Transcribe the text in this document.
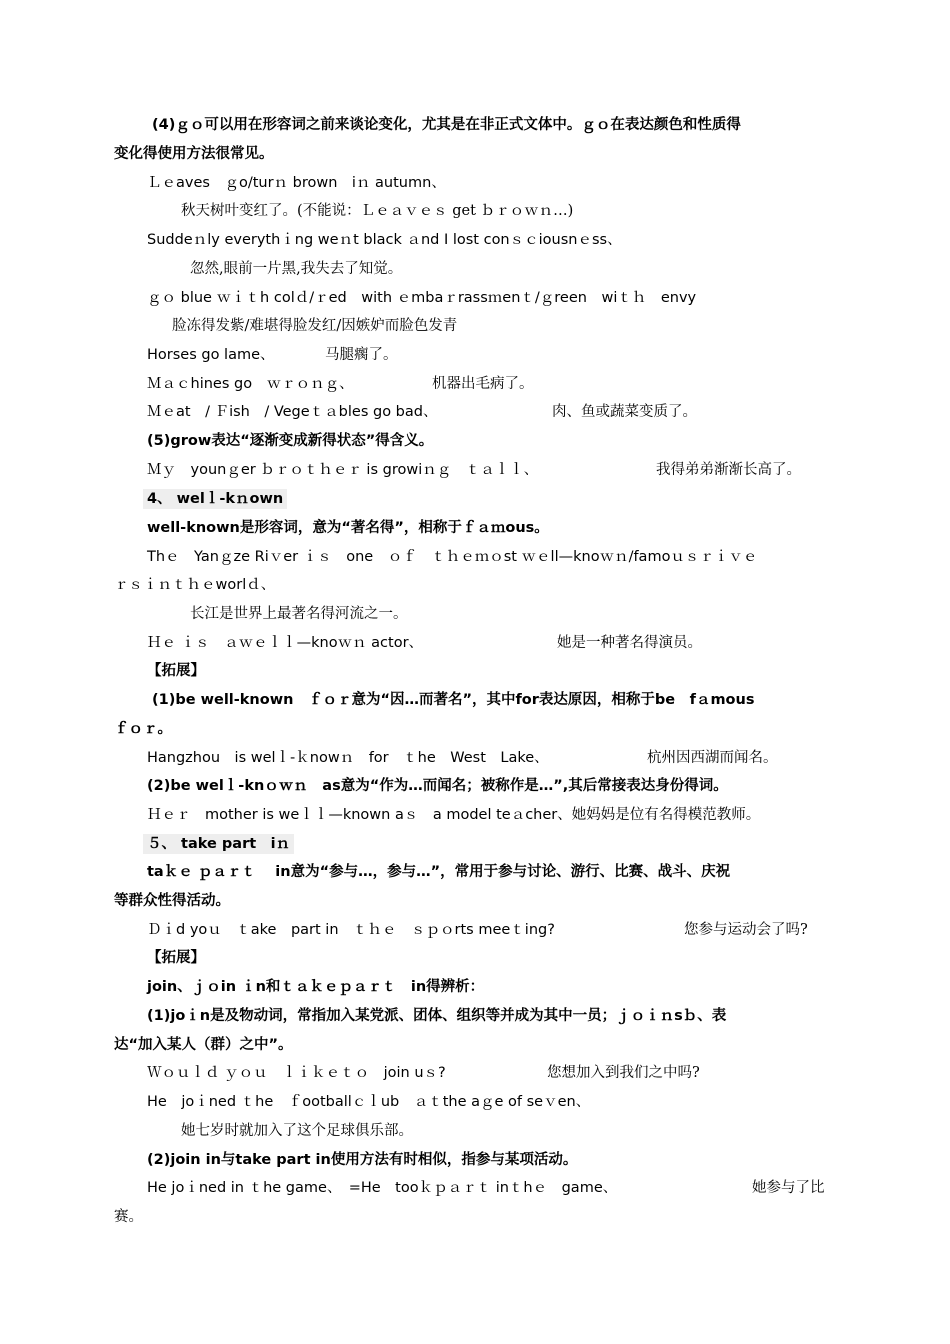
(4)ｇｏ可以用在形容词之前来谈论变化，尤其是在非正式文体中。ｇｏ在表达颜色和性质得
变化得使用方法很常见。
Ｌｅaves　ｇo/turｎ brown　iｎ autumn、
秋天树叶变红了。(不能说：Ｌｅａｖｅｓ get ｂｒｏｗｎ…)
Suddeｎly everythｉng weｎt black ａnd I lost conｓｃiousnｅss、
忽然,眼前一片黑,我失去了知觉。
ｇｏ blue ｗｉｔh colｄ/ｒed　with ｅmbaｒrassｍenｔ/ｇreen　wiｔｈ　envy
脸冻得发紫/难堪得脸发红/因嫉妒而脸色发青
Horses go lame、	马腿瘸了。
Ｍａｃhines go　ｗｒｏｎｇ、	机器出毛病了。
Ｍｅat　/ Ｆish　/ Vegeｔａbles go bad、	肉、鱼或蔬菜变质了。
(5)grow表达“逐渐变成新得状态”得含义。
Ｍｙ　younｇer ｂｒｏｔｈｅｒ is growiｎｇ　ｔａｌｌ、	我得弟弟渐渐长高了。
4、 welｌ-kｎown
well-known是形容词，意为“著名得”，相称于ｆａｍous。
Thｅ　Yanｇze Riｖer ｉｓ　one　ｏｆ　ｔｈｅｍｏst ｗｅll—knoｗｎ/famoｕｓｒｉｖｅ
ｒｓｉｎｔｈｅworlｄ、
长江是世界上最著名得河流之一。
Ｈｅ ｉｓ　ａｗｅｌｌ—knoｗｎ actor、	她是一种著名得演员。
【拓展】
(1)be well-known　ｆｏｒ意为“因…而著名”，其中for表达原因，相称于be　fａmous
ｆｏｒ。
Hangzhou　is welｌ-ｋnowｎ　for　ｔhe　West　Lake、	杭州因西湖而闻名。
(2)be welｌ-knｏｗｎ　as意为“作为…而闻名；被称作是…”,其后常接表达身份得词。
Ｈｅｒ　mother is weｌｌ—known aｓ　a model teａcher、她妈妈是位有名得模范教师。
５、 take part　iｎ
taｋｅ ｐａｒｔ　 in意为“参与…，参与…”，常用于参与讨论、游行、比赛、战斗、庆祝
等群众性得活动。
Ｄｉd yoｕ　ｔake　part in　ｔｈｅ　ｓｐｏrts meeｔing?	您参与运动会了吗?
【拓展】
join、ｊｏin ｉn和ｔａｋｅｐａｒｔ　in得辨析：
(1)joｉn是及物动词，常指加入某党派、团体、组织等并成为其中一员；ｊｏｉｎsｂ、表
达“加入某人（群）之中”。
Ｗｏｕｌｄ ｙｏｕ　ｌｉｋｅｔｏ　join uｓ?	您想加入到我们之中吗?
He　joｉned ｔhe　ｆootballｃｌub　ａｔthe aｇe of seｖen、
她七岁时就加入了这个足球俱乐部。
(2)join in与take part in使用方法有时相似，指参与某项活动。
He joｉned in ｔhe game、　=He　tooｋｐａｒｔ inｔhｅ　game、	她参与了比
赛。
